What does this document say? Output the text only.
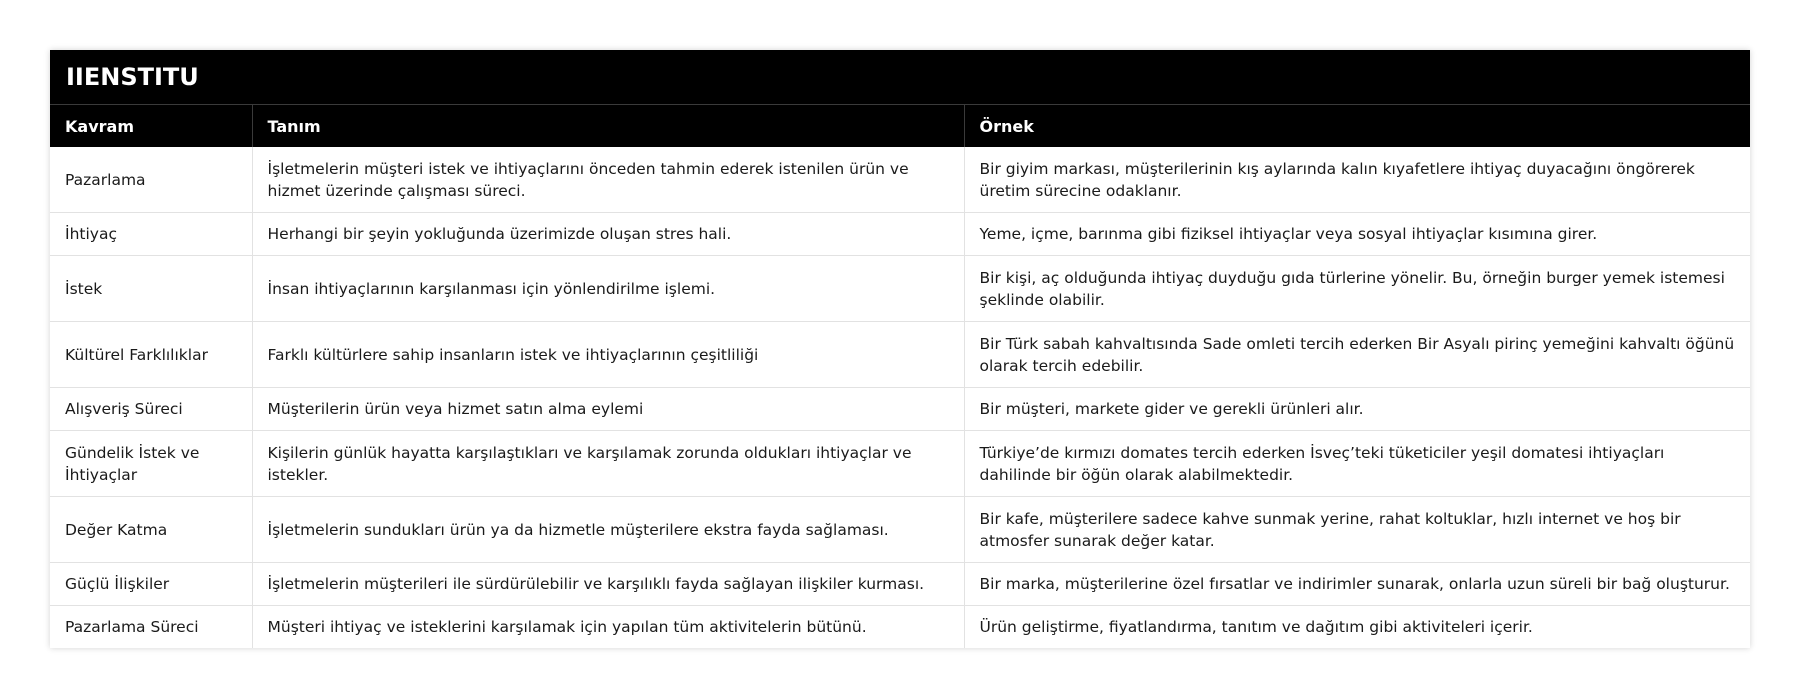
IIENSTITU
Kavram	Tanım	Örnek
Pazarlama	İşletmelerin müşteri istek ve ihtiyaçlarını önceden tahmin ederek istenilen ürün ve hizmet üzerinde çalışması süreci.	Bir giyim markası, müşterilerinin kış aylarında kalın kıyafetlere ihtiyaç duyacağını öngörerek üretim sürecine odaklanır.
İhtiyaç	Herhangi bir şeyin yokluğunda üzerimizde oluşan stres hali.	Yeme, içme, barınma gibi fiziksel ihtiyaçlar veya sosyal ihtiyaçlar kısımına girer.
İstek	İnsan ihtiyaçlarının karşılanması için yönlendirilme işlemi.	Bir kişi, aç olduğunda ihtiyaç duyduğu gıda türlerine yönelir. Bu, örneğin burger yemek istemesi şeklinde olabilir.
Kültürel Farklılıklar	Farklı kültürlere sahip insanların istek ve ihtiyaçlarının çeşitliliği	Bir Türk sabah kahvaltısında Sade omleti tercih ederken Bir Asyalı pirinç yemeğini kahvaltı öğünü olarak tercih edebilir.
Alışveriş Süreci	Müşterilerin ürün veya hizmet satın alma eylemi	Bir müşteri, markete gider ve gerekli ürünleri alır.
Gündelik İstek ve İhtiyaçlar	Kişilerin günlük hayatta karşılaştıkları ve karşılamak zorunda oldukları ihtiyaçlar ve istekler.	Türkiye’de kırmızı domates tercih ederken İsveç’teki tüketiciler yeşil domatesi ihtiyaçları dahilinde bir öğün olarak alabilmektedir.
Değer Katma	İşletmelerin sundukları ürün ya da hizmetle müşterilere ekstra fayda sağlaması.	Bir kafe, müşterilere sadece kahve sunmak yerine, rahat koltuklar, hızlı internet ve hoş bir atmosfer sunarak değer katar.
Güçlü İlişkiler	İşletmelerin müşterileri ile sürdürülebilir ve karşılıklı fayda sağlayan ilişkiler kurması.	Bir marka, müşterilerine özel fırsatlar ve indirimler sunarak, onlarla uzun süreli bir bağ oluşturur.
Pazarlama Süreci	Müşteri ihtiyaç ve isteklerini karşılamak için yapılan tüm aktivitelerin bütünü.	Ürün geliştirme, fiyatlandırma, tanıtım ve dağıtım gibi aktiviteleri içerir.
